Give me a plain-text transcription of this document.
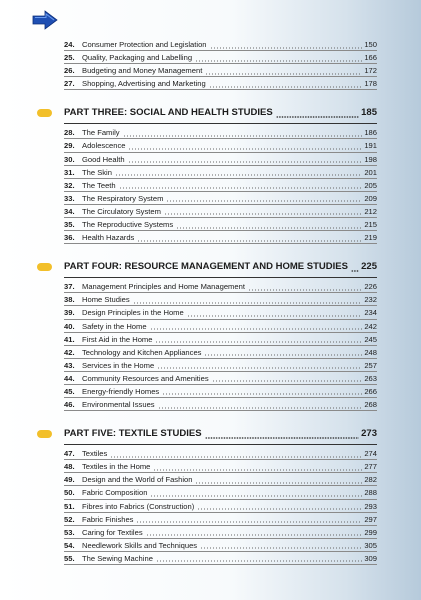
24. Consumer Protection and Legislation	150
25. Quality, Packaging and Labelling	166
26. Budgeting and Money Management	172
27. Shopping, Advertising and Marketing	178
PART THREE: SOCIAL AND HEALTH STUDIES	185
28. The Family	186
29. Adolescence	191
30. Good Health	198
31. The Skin	201
32. The Teeth	205
33. The Respiratory System	209
34. The Circulatory System	212
35. The Reproductive Systems	215
36. Health Hazards	219
PART FOUR: RESOURCE MANAGEMENT AND HOME STUDIES 225
37. Management Principles and Home Management	226
38. Home Studies	232
39. Design Principles in the Home	234
40. Safety in the Home	242
41. First Aid in the Home	245
42. Technology and Kitchen Appliances	248
43. Services in the Home	257
44. Community Resources and Amenities	263
45. Energy-friendly Homes	266
46. Environmental Issues	268
PART FIVE: TEXTILE STUDIES	273
47. Textiles	274
48. Textiles in the Home	277
49. Design and the World of Fashion	282
50. Fabric Composition	288
51. Fibres into Fabrics (Construction)	293
52. Fabric Finishes	297
53. Caring for Textiles	299
54. Needlework Skills and Techniques	305
55. The Sewing Machine	309
